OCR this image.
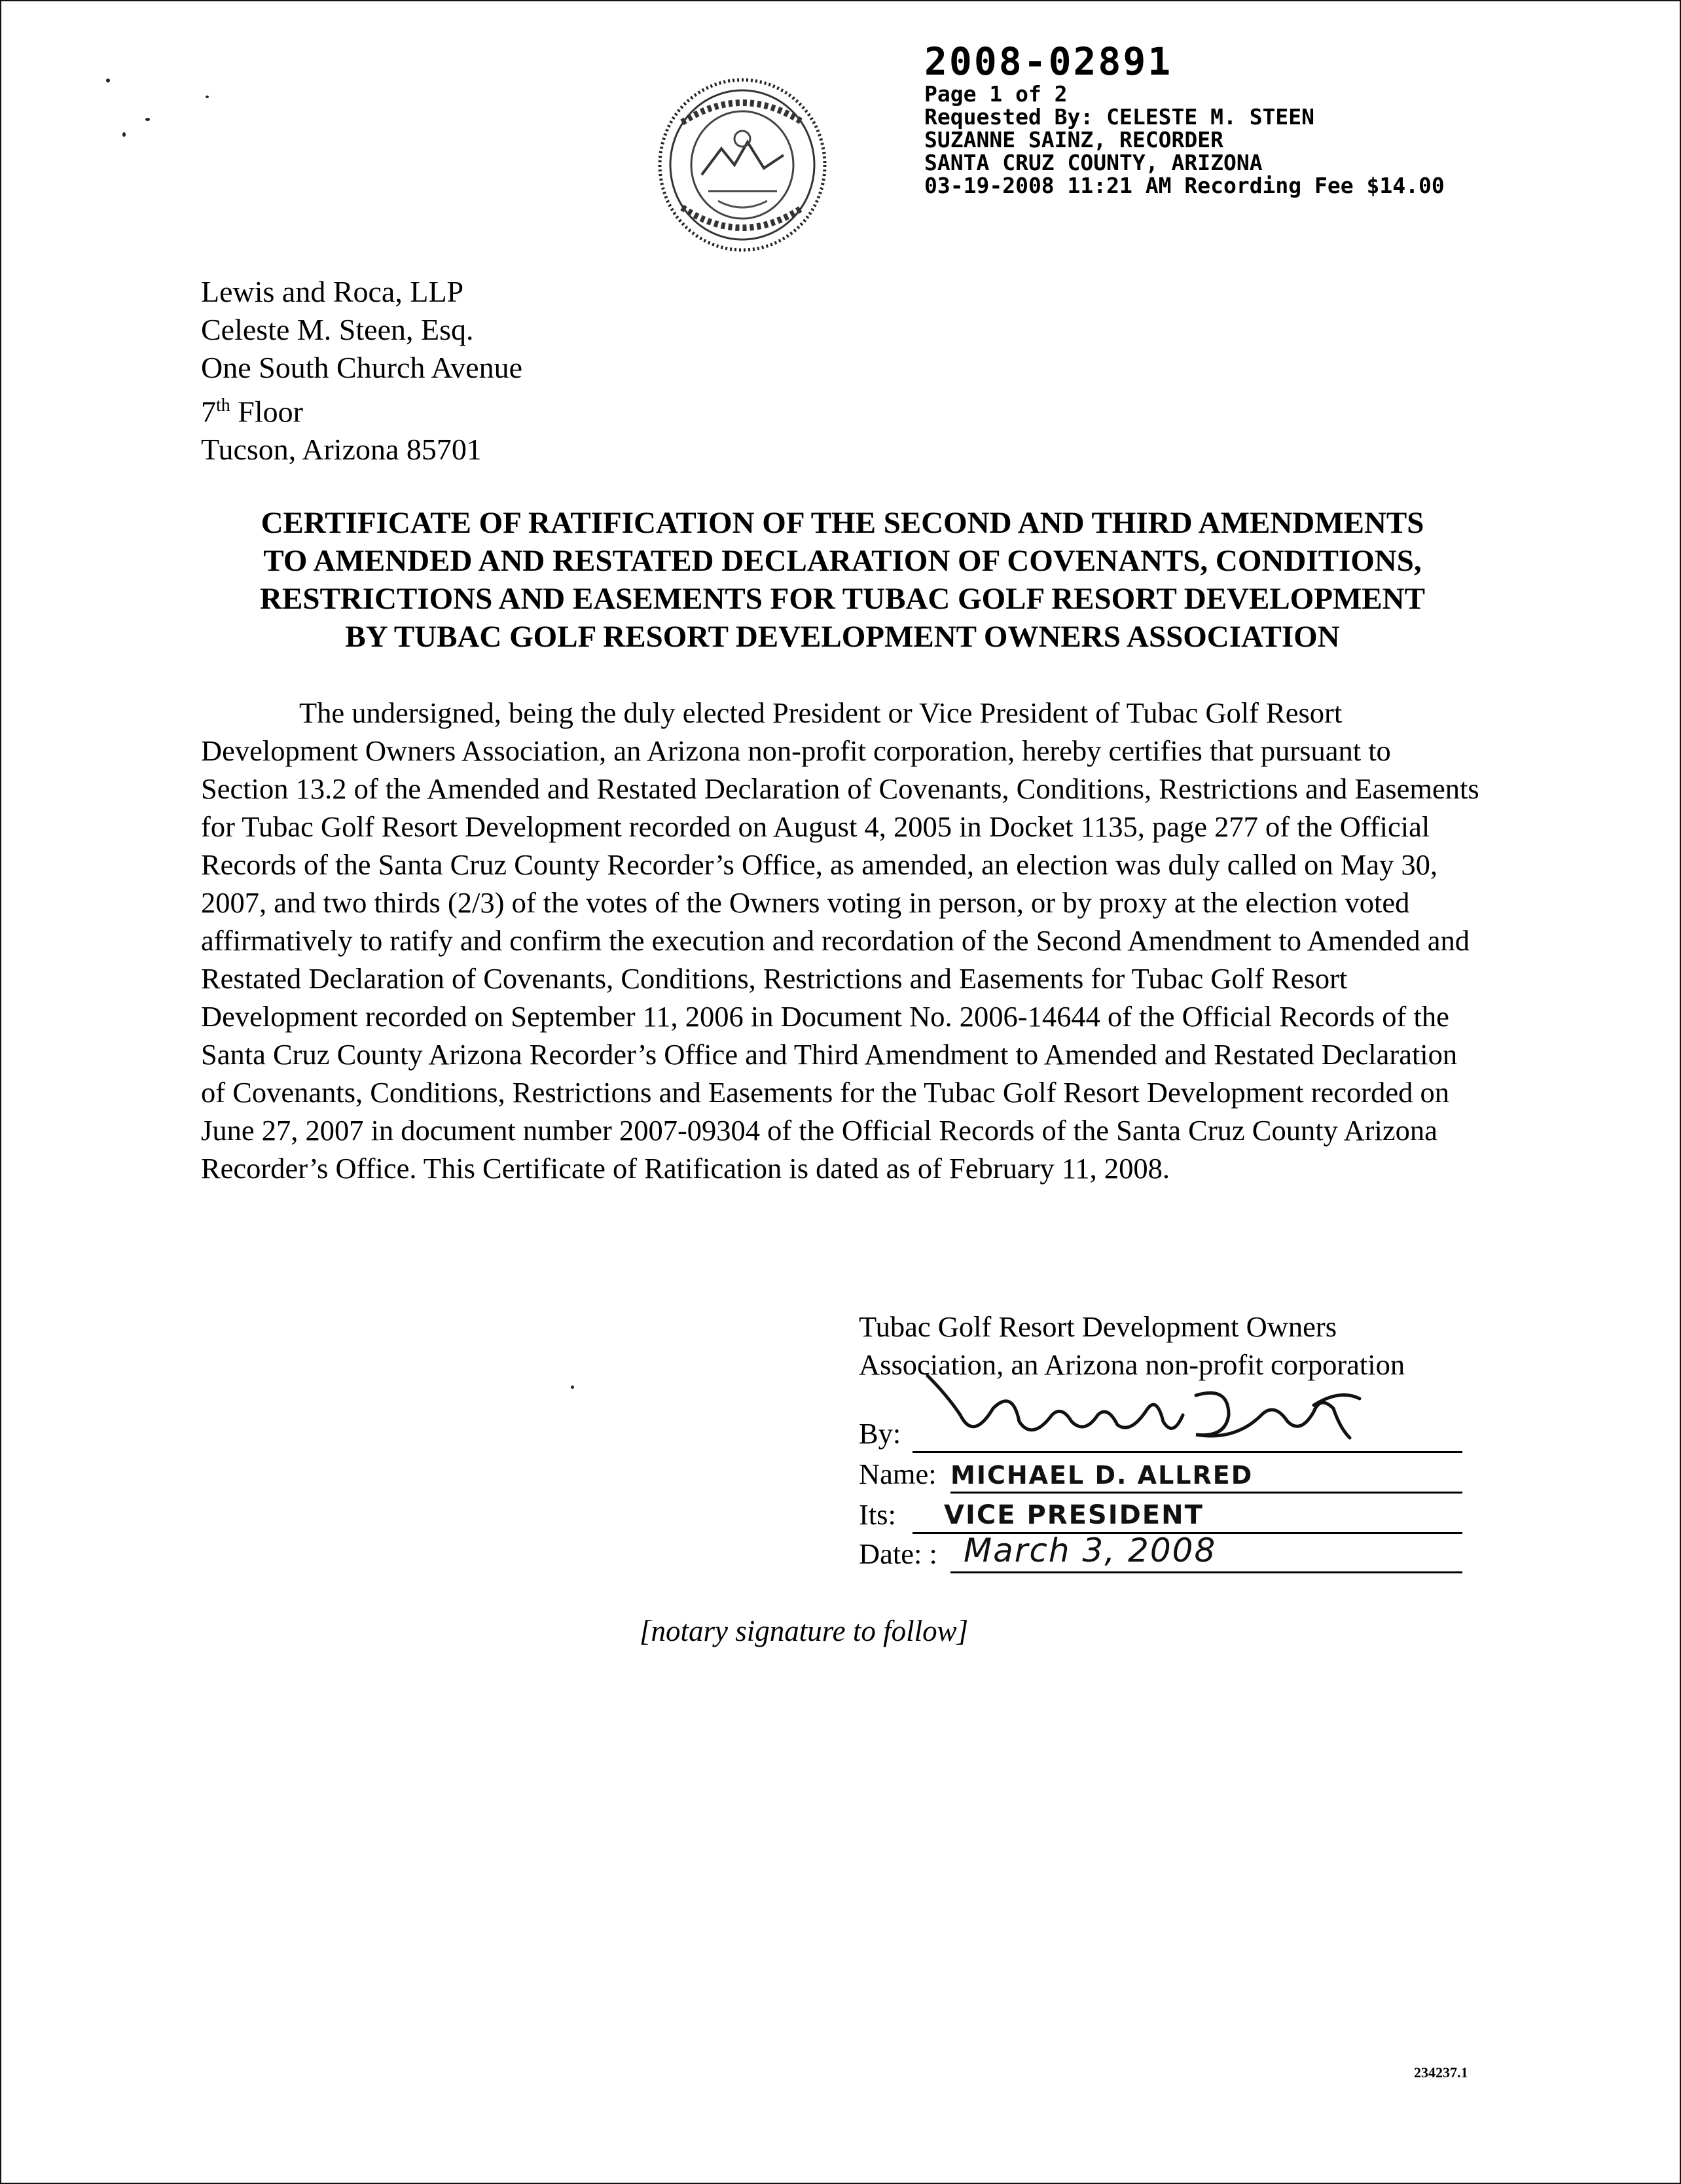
2008-02891
Page 1 of 2
Requested By: CELESTE M. STEEN
SUZANNE SAINZ, RECORDER
SANTA CRUZ COUNTY, ARIZONA
03-19-2008 11:21 AM Recording Fee $14.00
Lewis and Roca, LLP
Celeste M. Steen, Esq.
One South Church Avenue
7th Floor
Tucson, Arizona 85701
CERTIFICATE OF RATIFICATION OF THE SECOND AND THIRD AMENDMENTS
TO AMENDED AND RESTATED DECLARATION OF COVENANTS, CONDITIONS,
RESTRICTIONS AND EASEMENTS FOR TUBAC GOLF RESORT DEVELOPMENT
BY TUBAC GOLF RESORT DEVELOPMENT OWNERS ASSOCIATION

The undersigned, being the duly elected President or Vice President of Tubac Golf Resort Development Owners Association, an Arizona non-profit corporation, hereby certifies that pursuant to Section 13.2 of the Amended and Restated Declaration of Covenants, Conditions, Restrictions and Easements for Tubac Golf Resort Development recorded on August 4, 2005 in Docket 1135, page 277 of the Official Records of the Santa Cruz County Recorder’s Office, as amended, an election was duly called on May 30, 2007, and two thirds (2/3) of the votes of the Owners voting in person, or by proxy at the election voted affirmatively to ratify and confirm the execution and recordation of the Second Amendment to Amended and Restated Declaration of Covenants, Conditions, Restrictions and Easements for Tubac Golf Resort Development recorded on September 11, 2006 in Document No. 2006-14644 of the Official Records of the Santa Cruz County Arizona Recorder’s Office and Third Amendment to Amended and Restated Declaration of Covenants, Conditions, Restrictions and Easements for the Tubac Golf Resort Development recorded on June 27, 2007 in document number 2007-09304 of the Official Records of the Santa Cruz County Arizona Recorder’s Office. This Certificate of Ratification is dated as of February 11, 2008.

Tubac Golf Resort Development Owners
Association, an Arizona non-profit corporation
By:
Name: MICHAEL D. ALLRED
Its: VICE PRESIDENT
Date: : March 3, 2008
[notary signature to follow]
234237.1
